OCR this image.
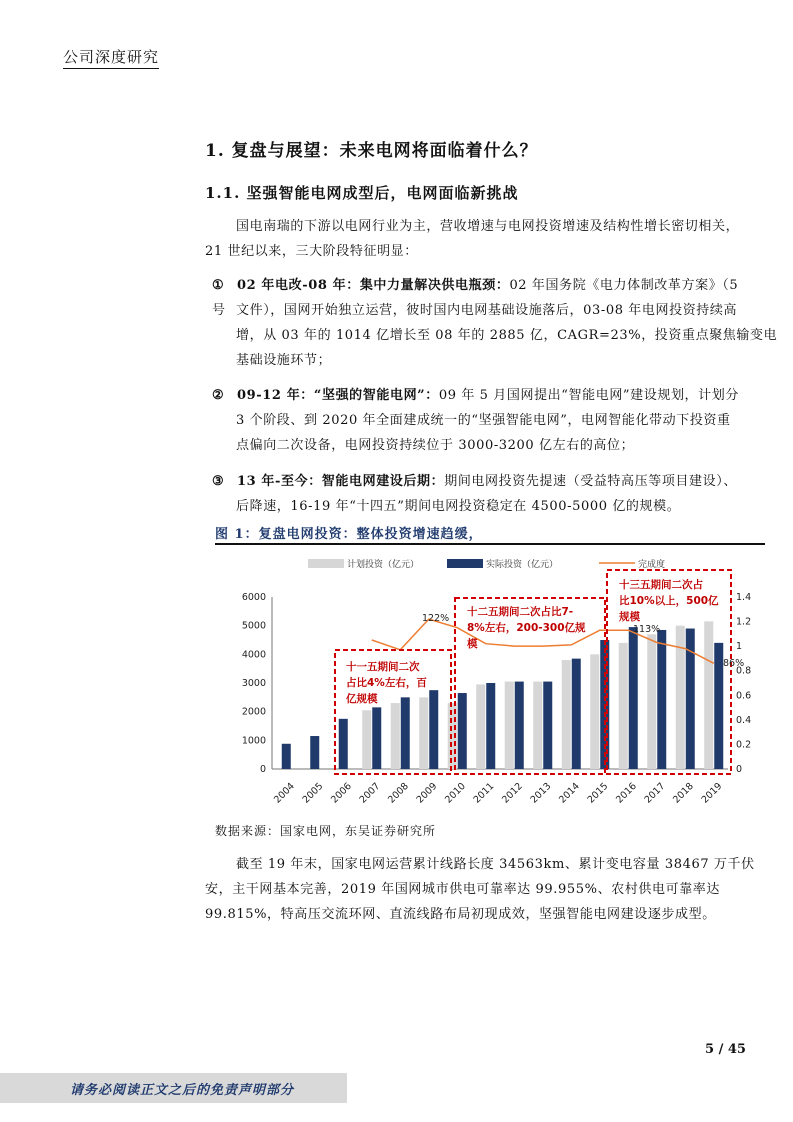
公司深度研究
1. 复盘与展望：未来电网将面临着什么？
1.1. 坚强智能电网成型后，电网面临新挑战
国电南瑞的下游以电网行业为主，营收增速与电网投资增速及结构性增长密切相关，
21 世纪以来，三大阶段特征明显：
① 02 年电改-08 年：集中力量解决供电瓶颈：02 年国务院《电力体制改革方案》（5 号 文件），国网开始独立运营，彼时国内电网基础设施落后，03-08 年电网投资持续高
增，从 03 年的 1014 亿增长至 08 年的 2885 亿，CAGR=23%，投资重点聚焦输变电
基础设施环节；
② 09-12 年：“坚强的智能电网”：09 年 5 月国网提出“智能电网”建设规划，计划分
3 个阶段、到 2020 年全面建成统一的“坚强智能电网”，电网智能化带动下投资重
点偏向二次设备，电网投资持续位于 3000-3200 亿左右的高位；
③ 13 年-至今：智能电网建设后期：期间电网投资先提速（受益特高压等项目建设）、
后降速，16-19 年“十四五”期间电网投资稳定在 4500-5000 亿的规模。
图 1：复盘电网投资：整体投资增速趋缓，
计划投资（亿元）	实际投资（亿元）	完成度
0
1000
2000
3000
4000
5000
6000
0
0.2
0.4
0.6
0.8
1
1.2
1.4
2004 2005 2006 2007 2008 2009 2010 2011 2012 2013 2014 2015 2016 2017 2018 2019
十一五期间二次
占比4%左右，百
亿规模
十二五期间二次占比7-
8%左右，200-300亿规
模
十三五期间二次占
比10%以上，500亿
规模
122%
113%
86%
数据来源：国家电网，东吴证券研究所
截至 19 年末，国家电网运营累计线路长度 34563km、累计变电容量 38467 万千伏
安，主干网基本完善，2019 年国网城市供电可靠率达 99.955%、农村供电可靠率达
99.815%，特高压交流环网、直流线路布局初现成效，坚强智能电网建设逐步成型。
5 / 45
请务必阅读正文之后的免责声明部分
